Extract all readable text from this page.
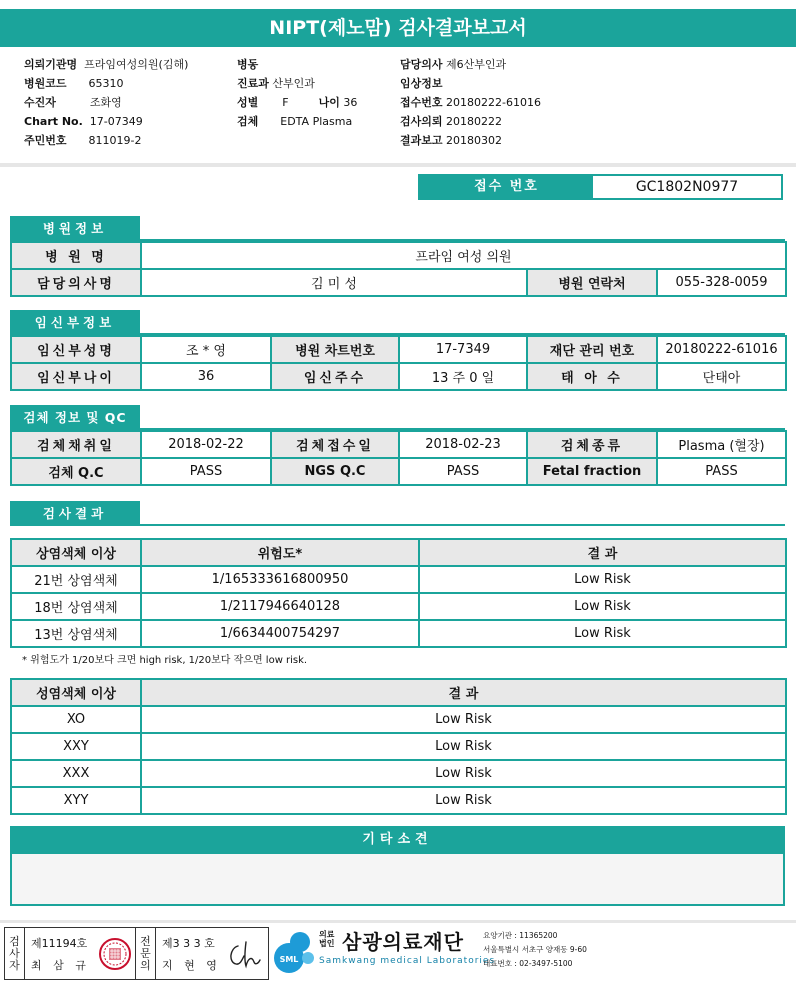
NIPT(제노맘) 검사결과보고서
의뢰기관명 프라임여성의원(김해)
병원코드 65310
수진자	조화영
Chart No. 17-07349
주민번호 811019-2
병동
진료과 산부인과
성별 F	나이 36
검체 EDTA Plasma
담당의사 제6산부인과
임상정보
접수번호 20180222-61016
검사의뢰 20180222
결과보고 20180302
접수 번호	GC1802N0977
병원정보
병 원 명	프라임 여성 의원		
담당의사명	김 미 성	병원 연락처	055-328-0059
임신부정보
임신부성명	조 * 영	병원 차트번호	17-7349	재단 관리 번호	20180222-61016
임신부나이	36	임신주수	13 주 0 일	태 아 수	단태아
검체 정보 및 QC
검체채취일	2018-02-22	검체접수일	2018-02-23	검체종류	Plasma (혈장)
검체 Q.C	PASS	NGS Q.C	PASS	Fetal fraction	PASS
검사결과
상염색체 이상	위험도*	결 과
21번 상염색체	1/165333616800950	Low Risk
18번 상염색체	1/2117946640128	Low Risk
13번 상염색체	1/6634400754297	Low Risk
* 위험도가 1/20보다 크면 high risk, 1/20보다 작으면 low risk.
성염색체 이상	결 과
XO	Low Risk
XXY	Low Risk
XXX	Low Risk
XYY	Low Risk
기타소견
검
사
자
제11194호
최 삼 규
전
문
의
제3 3 3 호
지 현 영	SML
의료
법인 삼광의료재단
Samkwang medical Laboratories
요양기관 : 11365200
서울특별시 서초구 양재동 9-60
대표번호 : 02-3497-5100
